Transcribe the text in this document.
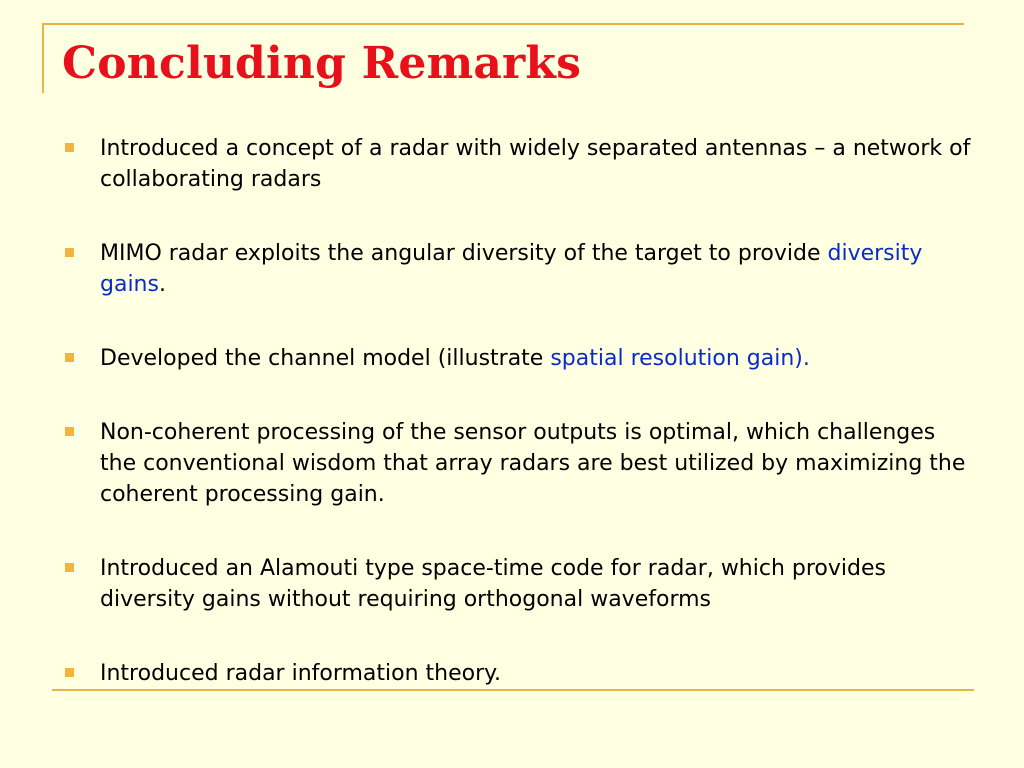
Concluding Remarks
Introduced a concept of a radar with widely separated antennas – a network of collaborating radars
MIMO radar exploits the angular diversity of the target to provide diversity gains.
Developed the channel model (illustrate spatial resolution gain).
Non-coherent processing of the sensor outputs is optimal, which challenges the conventional wisdom that array radars are best utilized by maximizing the coherent processing gain.
Introduced an Alamouti type space-time code for radar, which provides diversity gains without requiring orthogonal waveforms
Introduced radar information theory.
